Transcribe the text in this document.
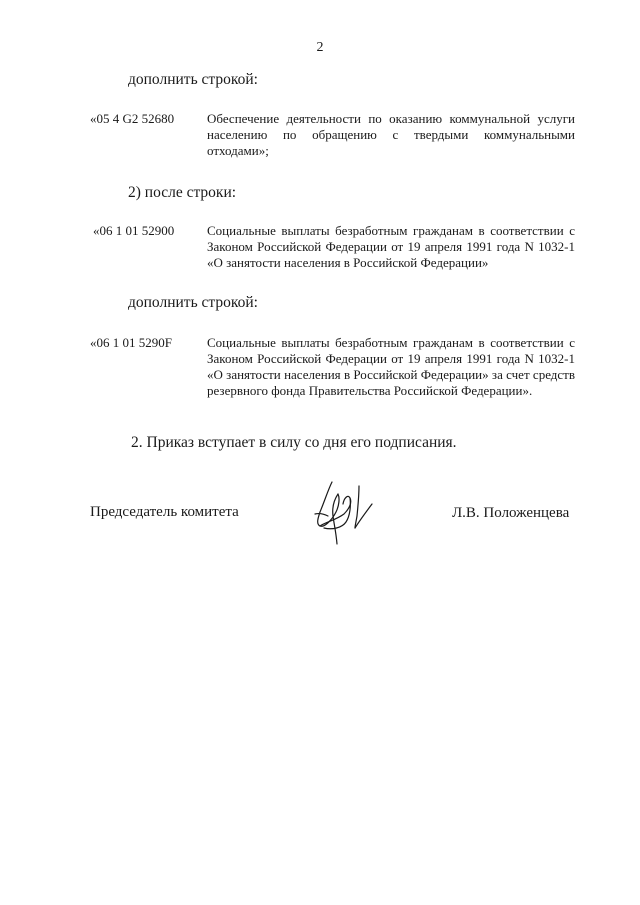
2
дополнить строкой:
«05 4 G2 52680	Обеспечение деятельности по оказанию коммунальной услуги населению по обращению с твердыми коммунальными отходами»;
2) после строки:
«06 1 01 52900	Социальные выплаты безработным гражданам в соответствии с Законом Российской Федерации от 19 апреля 1991 года N 1032-1 «О занятости населения в Российской Федерации»
дополнить строкой:
«06 1 01 5290F	Социальные выплаты безработным гражданам в соответствии с Законом Российской Федерации от 19 апреля 1991 года N 1032-1 «О занятости населения в Российской Федерации» за счет средств резервного фонда Правительства Российской Федерации».
2. Приказ вступает в силу со дня его подписания.
Председатель комитета	Л.В. Положенцева
